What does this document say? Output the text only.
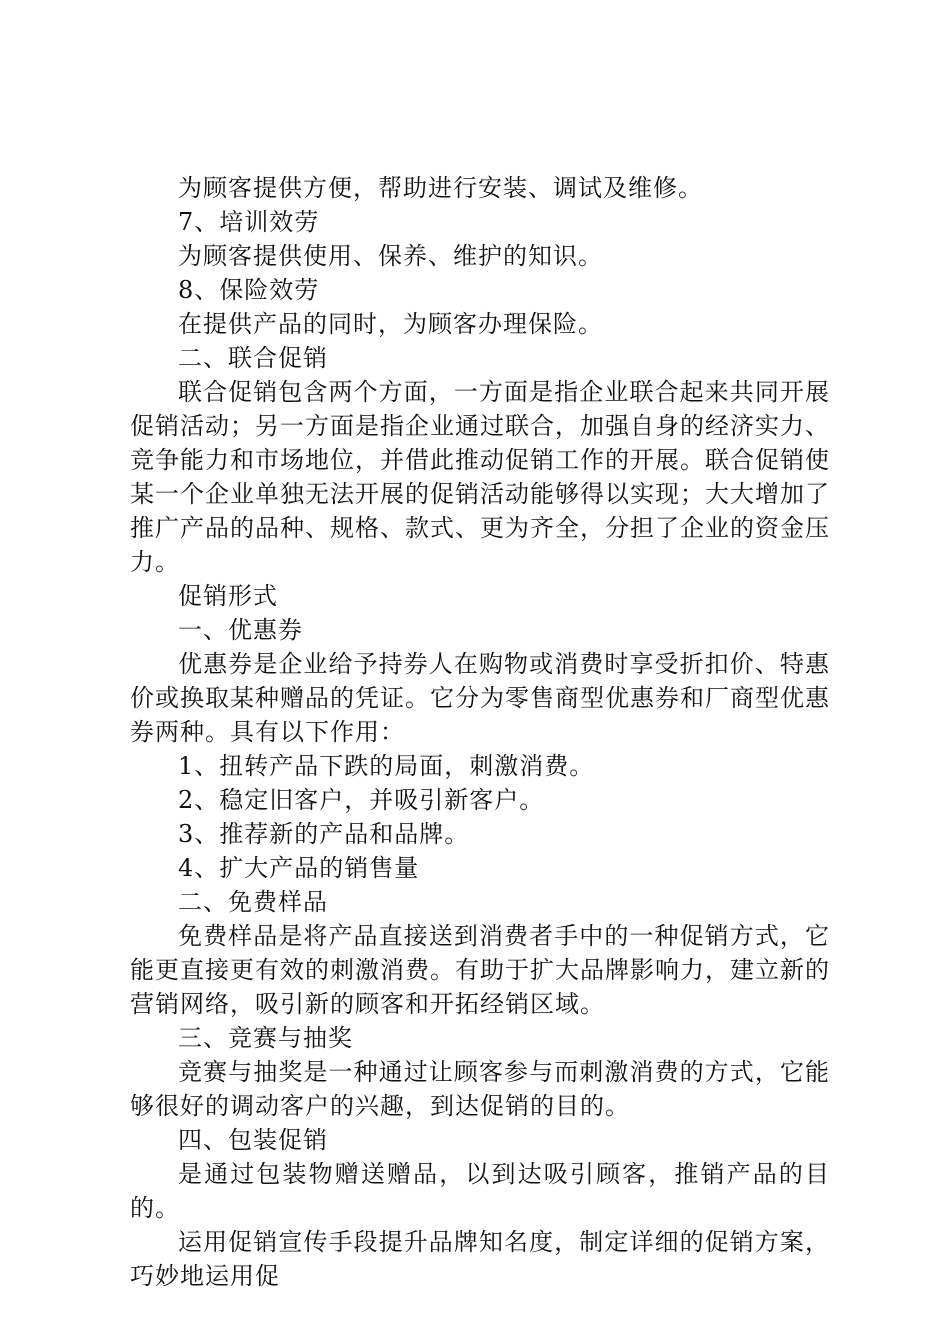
为顾客提供方便，帮助进行安装、调试及维修。

7、培训效劳

为顾客提供使用、保养、维护的知识。

8、保险效劳

在提供产品的同时，为顾客办理保险。

二、联合促销

联合促销包含两个方面，一方面是指企业联合起来共同开展促销活动；另一方面是指企业通过联合，加强自身的经济实力、竞争能力和市场地位，并借此推动促销工作的开展。联合促销使某一个企业单独无法开展的促销活动能够得以实现；大大增加了推广产品的品种、规格、款式、更为齐全，分担了企业的资金压力。

促销形式

一、优惠券

优惠券是企业给予持券人在购物或消费时享受折扣价、特惠价或换取某种赠品的凭证。它分为零售商型优惠券和厂商型优惠券两种。具有以下作用：

1、扭转产品下跌的局面，刺激消费。

2、稳定旧客户，并吸引新客户。

3、推荐新的产品和品牌。

4、扩大产品的销售量

二、免费样品

免费样品是将产品直接送到消费者手中的一种促销方式，它能更直接更有效的刺激消费。有助于扩大品牌影响力，建立新的营销网络，吸引新的顾客和开拓经销区域。

三、竞赛与抽奖

竞赛与抽奖是一种通过让顾客参与而刺激消费的方式，它能够很好的调动客户的兴趣，到达促销的目的。

四、包装促销

是通过包装物赠送赠品，以到达吸引顾客，推销产品的目的。

运用促销宣传手段提升品牌知名度，制定详细的促销方案，巧妙地运用促
